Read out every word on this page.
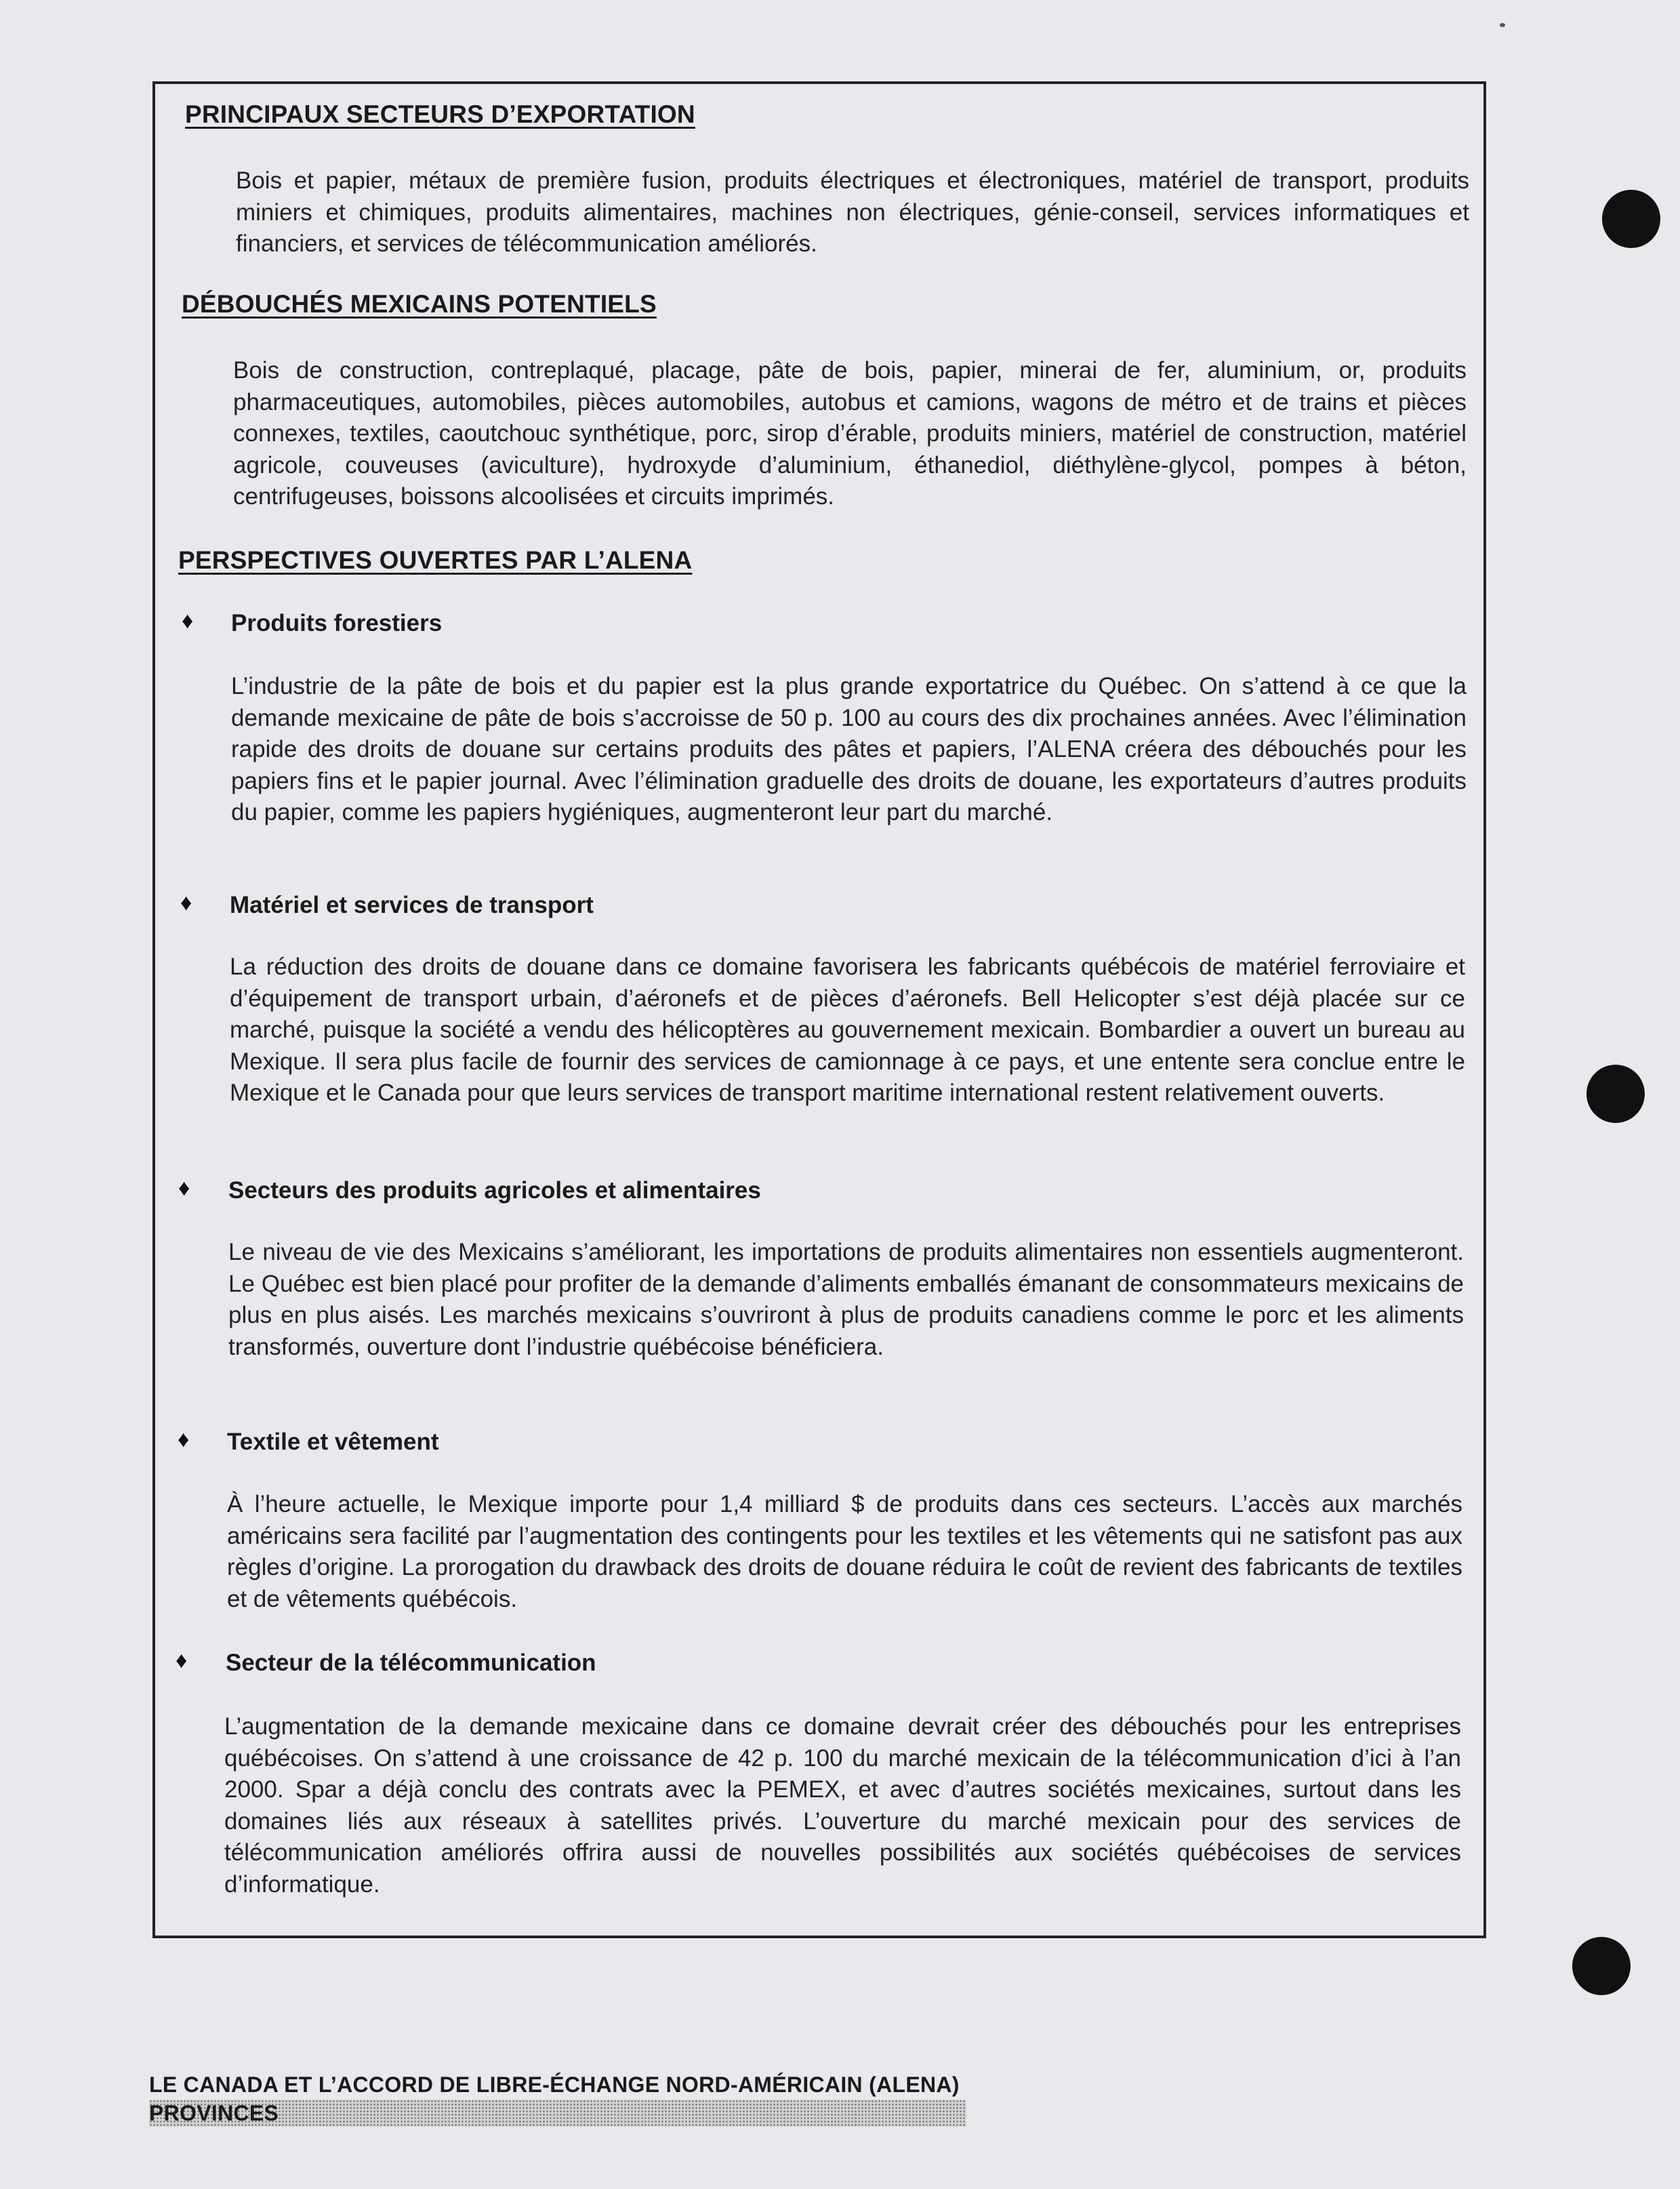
PRINCIPAUX SECTEURS D’EXPORTATION
Bois et papier, métaux de première fusion, produits électriques et électroniques, matériel de transport, produits miniers et chimiques, produits alimentaires, machines non électriques, génie-conseil, services informatiques et financiers, et services de télécommunication améliorés.
DÉBOUCHÉS MEXICAINS POTENTIELS
Bois de construction, contreplaqué, placage, pâte de bois, papier, minerai de fer, aluminium, or, produits pharmaceutiques, automobiles, pièces automobiles, autobus et camions, wagons de métro et de trains et pièces connexes, textiles, caoutchouc synthétique, porc, sirop d’érable, produits miniers, matériel de construction, matériel agricole, couveuses (aviculture), hydroxyde d’aluminium, éthanediol, diéthylène-glycol, pompes à béton, centrifugeuses, boissons alcoolisées et circuits imprimés.
PERSPECTIVES OUVERTES PAR L’ALENA
♦ Produits forestiers
L’industrie de la pâte de bois et du papier est la plus grande exportatrice du Québec. On s’attend à ce que la demande mexicaine de pâte de bois s’accroisse de 50 p. 100 au cours des dix prochaines années. Avec l’élimination rapide des droits de douane sur certains produits des pâtes et papiers, l’ALENA créera des débouchés pour les papiers fins et le papier journal. Avec l’élimination graduelle des droits de douane, les exportateurs d’autres produits du papier, comme les papiers hygiéniques, augmenteront leur part du marché.
♦ Matériel et services de transport
La réduction des droits de douane dans ce domaine favorisera les fabricants québécois de matériel ferroviaire et d’équipement de transport urbain, d’aéronefs et de pièces d’aéronefs. Bell Helicopter s’est déjà placée sur ce marché, puisque la société a vendu des hélicoptères au gouvernement mexicain. Bombardier a ouvert un bureau au Mexique. Il sera plus facile de fournir des services de camionnage à ce pays, et une entente sera conclue entre le Mexique et le Canada pour que leurs services de transport maritime international restent relativement ouverts.
♦ Secteurs des produits agricoles et alimentaires
Le niveau de vie des Mexicains s’améliorant, les importations de produits alimentaires non essentiels augmenteront. Le Québec est bien placé pour profiter de la demande d’aliments emballés émanant de consommateurs mexicains de plus en plus aisés. Les marchés mexicains s’ouvriront à plus de produits canadiens comme le porc et les aliments transformés, ouverture dont l’industrie québécoise bénéficiera.
♦ Textile et vêtement
À l’heure actuelle, le Mexique importe pour 1,4 milliard $ de produits dans ces secteurs. L’accès aux marchés américains sera facilité par l’augmentation des contingents pour les textiles et les vêtements qui ne satisfont pas aux règles d’origine. La prorogation du drawback des droits de douane réduira le coût de revient des fabricants de textiles et de vêtements québécois.
♦ Secteur de la télécommunication
L’augmentation de la demande mexicaine dans ce domaine devrait créer des débouchés pour les entreprises québécoises. On s’attend à une croissance de 42 p. 100 du marché mexicain de la télécommunication d’ici à l’an 2000. Spar a déjà conclu des contrats avec la PEMEX, et avec d’autres sociétés mexicaines, surtout dans les domaines liés aux réseaux à satellites privés. L’ouverture du marché mexicain pour des services de télécommunication améliorés offrira aussi de nouvelles possibilités aux sociétés québécoises de services d’informatique.
LE CANADA ET L’ACCORD DE LIBRE-ÉCHANGE NORD-AMÉRICAIN (ALENA)
PROVINCES
